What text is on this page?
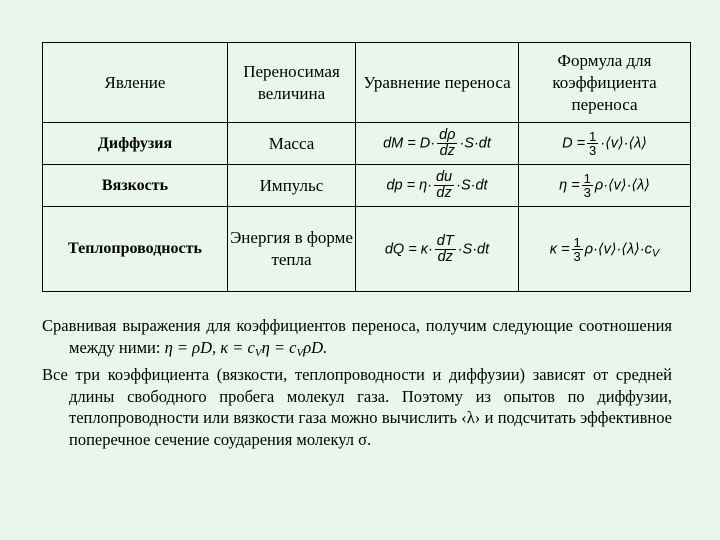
Явление	Переносимая величина	Уравнение переноса	Формула для коэффициента переноса
Диффузия	Масса	dM = $D\cdot \frac{d\rho}{dz} \cdot S\cdot dt$	$D = \frac{1}{3}$ ·⟨v⟩·⟨λ⟩
Вязкость	Импульс	dp = $\eta\cdot \frac{du}{dz} \cdot S\cdot dt$	$\eta = \frac{1}{3}$ ρ·⟨v⟩·⟨λ⟩
Теплопроводность	Энергия в форме тепла	dQ = $\kappa\cdot \frac{dT}{dz} \cdot S\cdot dt$	$\kappa = \frac{1}{3}$ $\rho\cdot⟨v⟩\cdot⟨\lambda⟩\cdot c_V$

Сравнивая выражения для коэффициентов переноса, получим следующие соотношения между ними: η = ρD, $\kappa = c_V\eta = c_V\rho D$.

Все три коэффициента (вязкости, теплопроводности и диффузии) зависят от средней длины свободного пробега молекул газа. Поэтому из опытов по диффузии, теплопроводности или вязкости газа можно вычислить ‹λ› и подсчитать эффективное поперечное сечение соударения молекул σ.
